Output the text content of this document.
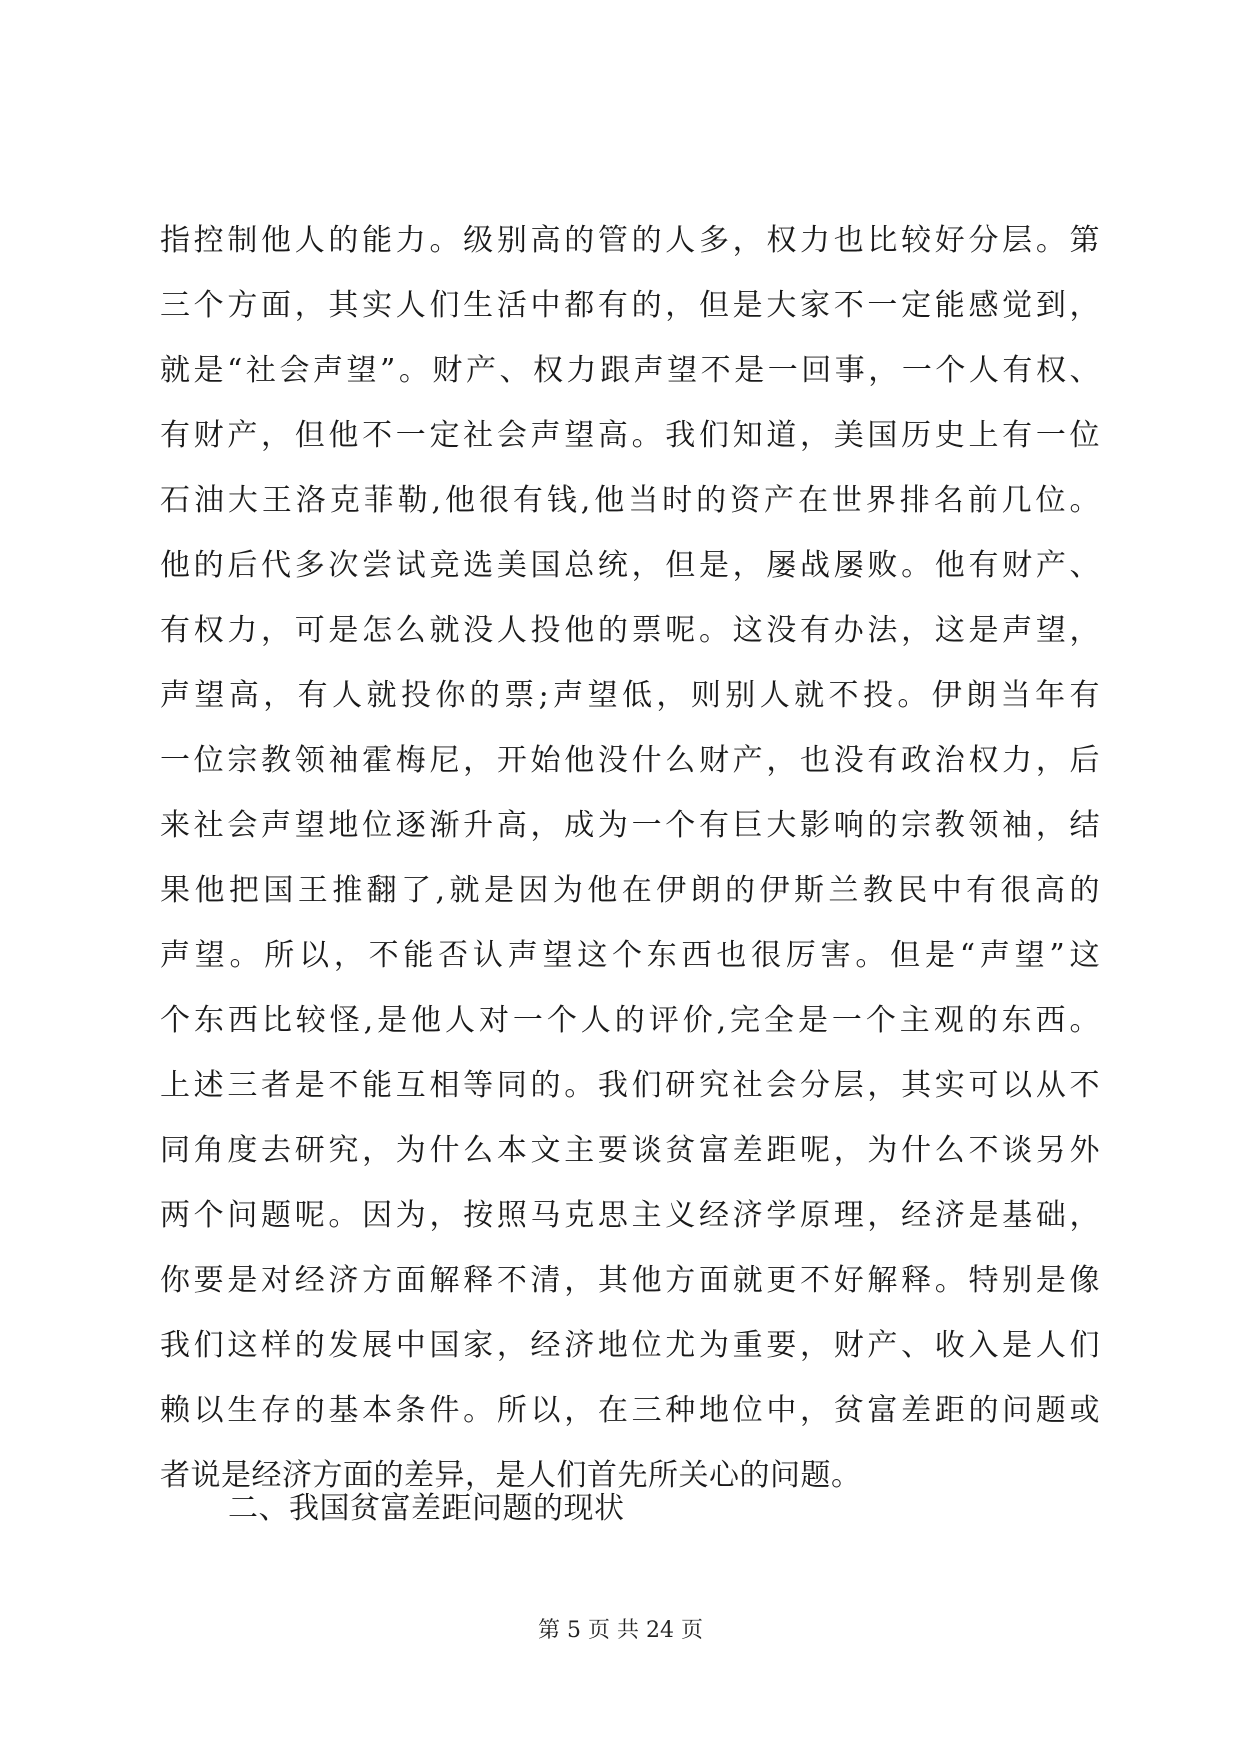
指控制他人的能力。级别高的管的人多，权力也比较好分层。第
三个方面，其实人们生活中都有的，但是大家不一定能感觉到，
就是“社会声望”。财产、权力跟声望不是一回事，一个人有权、
有财产，但他不一定社会声望高。我们知道，美国历史上有一位
石油大王洛克菲勒,他很有钱,他当时的资产在世界排名前几位。
他的后代多次尝试竞选美国总统，但是，屡战屡败。他有财产、
有权力，可是怎么就没人投他的票呢。这没有办法，这是声望，
声望高，有人就投你的票;声望低，则别人就不投。伊朗当年有
一位宗教领袖霍梅尼，开始他没什么财产，也没有政治权力，后
来社会声望地位逐渐升高，成为一个有巨大影响的宗教领袖，结
果他把国王推翻了,就是因为他在伊朗的伊斯兰教民中有很高的
声望。所以，不能否认声望这个东西也很厉害。但是“声望”这
个东西比较怪,是他人对一个人的评价,完全是一个主观的东西。
上述三者是不能互相等同的。我们研究社会分层，其实可以从不
同角度去研究，为什么本文主要谈贫富差距呢，为什么不谈另外
两个问题呢。因为，按照马克思主义经济学原理，经济是基础，
你要是对经济方面解释不清，其他方面就更不好解释。特别是像
我们这样的发展中国家，经济地位尤为重要，财产、收入是人们
赖以生存的基本条件。所以，在三种地位中，贫富差距的问题或
者说是经济方面的差异，是人们首先所关心的问题。
二、我国贫富差距问题的现状
第 5 页 共 24 页
